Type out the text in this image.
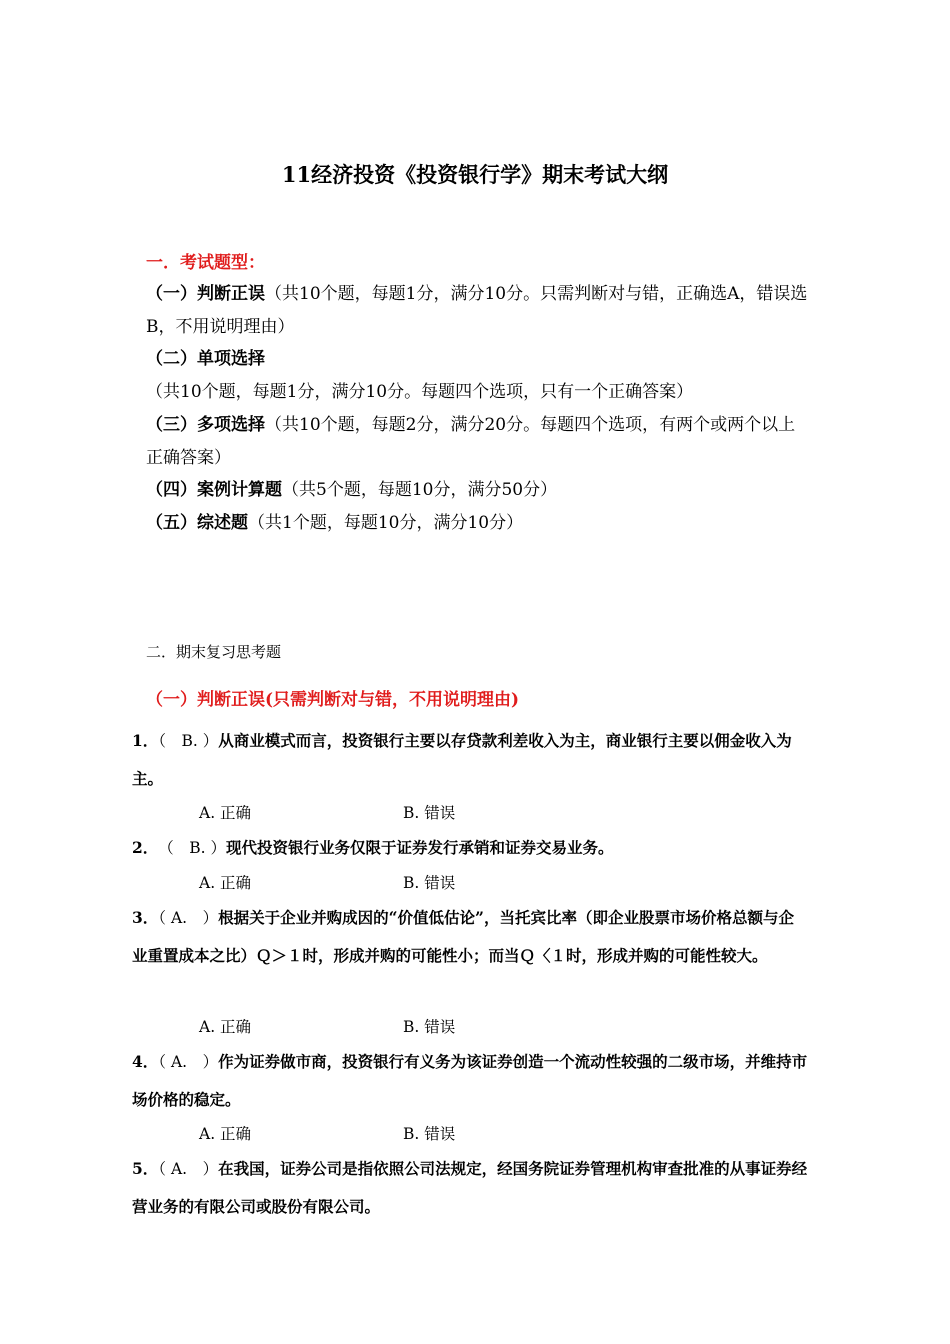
11经济投资《投资银行学》期末考试大纲
一．考试题型：
（一）判断正误（共10个题，每题1分，满分10分。只需判断对与错，正确选A，错误选B，不用说明理由）
（二）单项选择（共10个题，每题1分，满分10分。每题四个选项，只有一个正确答案）
（三）多项选择（共10个题，每题2分，满分20分。每题四个选项，有两个或两个以上正确答案）
（四）案例计算题（共5个题，每题10分，满分50分）
（五）综述题（共1个题，每题10分，满分10分）
二．期末复习思考题
（一）判断正误(只需判断对与错，不用说明理由)
1．（　B. ）从商业模式而言，投资银行主要以存贷款利差收入为主，商业银行主要以佣金收入为主。
A. 正确	B. 错误
2．　（　B. ）现代投资银行业务仅限于证券发行承销和证券交易业务。
A. 正确	B. 错误
3．（ A.　）根据关于企业并购成因的“价值低估论”，当托宾比率（即企业股票市场价格总额与企业重置成本之比）Ｑ＞１时，形成并购的可能性小；而当Ｑ〈１时，形成并购的可能性较大。
A. 正确	B. 错误
4．（ A.　）作为证券做市商，投资银行有义务为该证券创造一个流动性较强的二级市场，并维持市场价格的稳定。
A. 正确	B. 错误
5．（ A.　）在我国，证券公司是指依照公司法规定，经国务院证券管理机构审查批准的从事证券经营业务的有限公司或股份有限公司。
